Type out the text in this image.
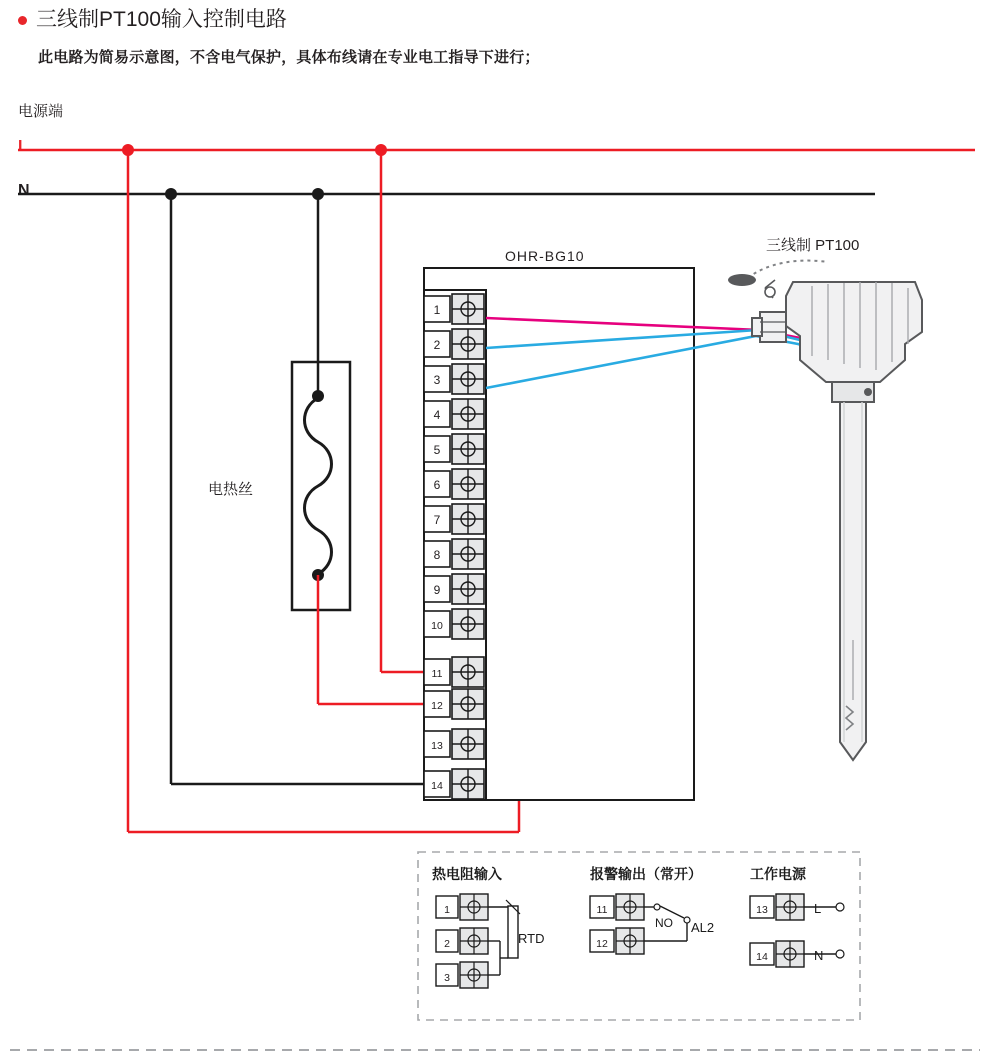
三线制PT100输入控制电路
此电路为简易示意图，不含电气保护，具体布线请在专业电工指导下进行；
电源端
L
N
OHR-BG10
三线制 PT100
电热丝
1
2
3
4
5
6
7
8
9
10
11
12
13
14
1
2
3
11
12
13
14
热电阻输入	报警输出（常开）	工作电源
RTD
NO AL2
L
N
